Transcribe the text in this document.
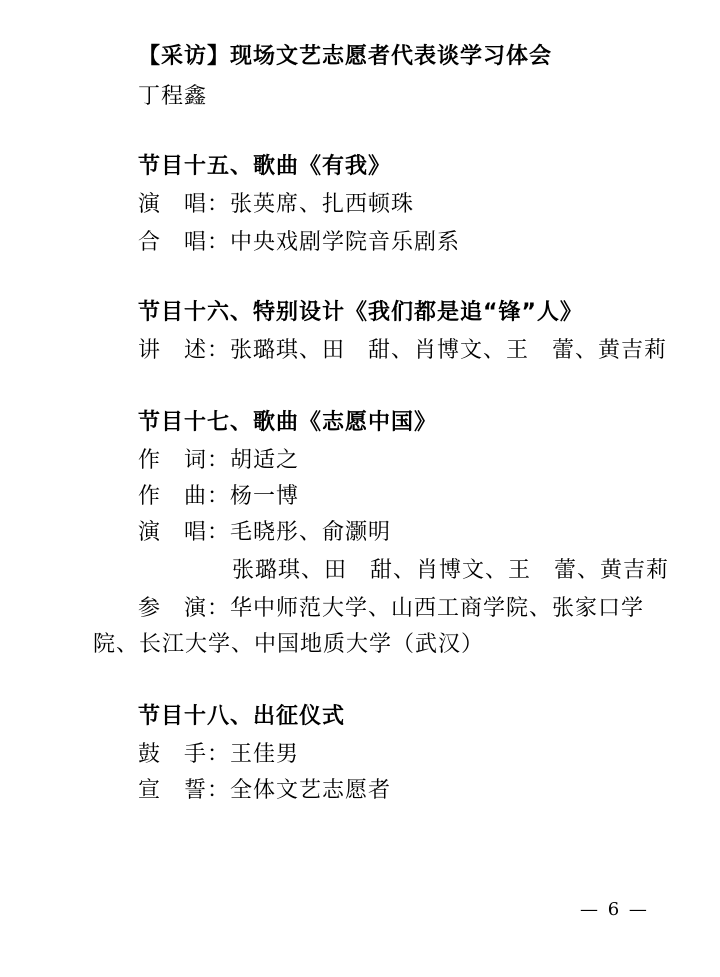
【采访】现场文艺志愿者代表谈学习体会

丁程鑫

节目十五、歌曲《有我》

演　唱：张英席、扎西顿珠

合　唱：中央戏剧学院音乐剧系

节目十六、特别设计《我们都是追“锋”人》

讲　述：张璐琪、田　甜、肖博文、王　蕾、黄吉莉

节目十七、歌曲《志愿中国》

作　词：胡适之

作　曲：杨一博

演　唱：毛晓彤、俞灏明

张璐琪、田　甜、肖博文、王　蕾、黄吉莉

参　演：华中师范大学、山西工商学院、张家口学

院、长江大学、中国地质大学（武汉）

节目十八、出征仪式

鼓　手：王佳男

宣　誓：全体文艺志愿者

— 6 —
